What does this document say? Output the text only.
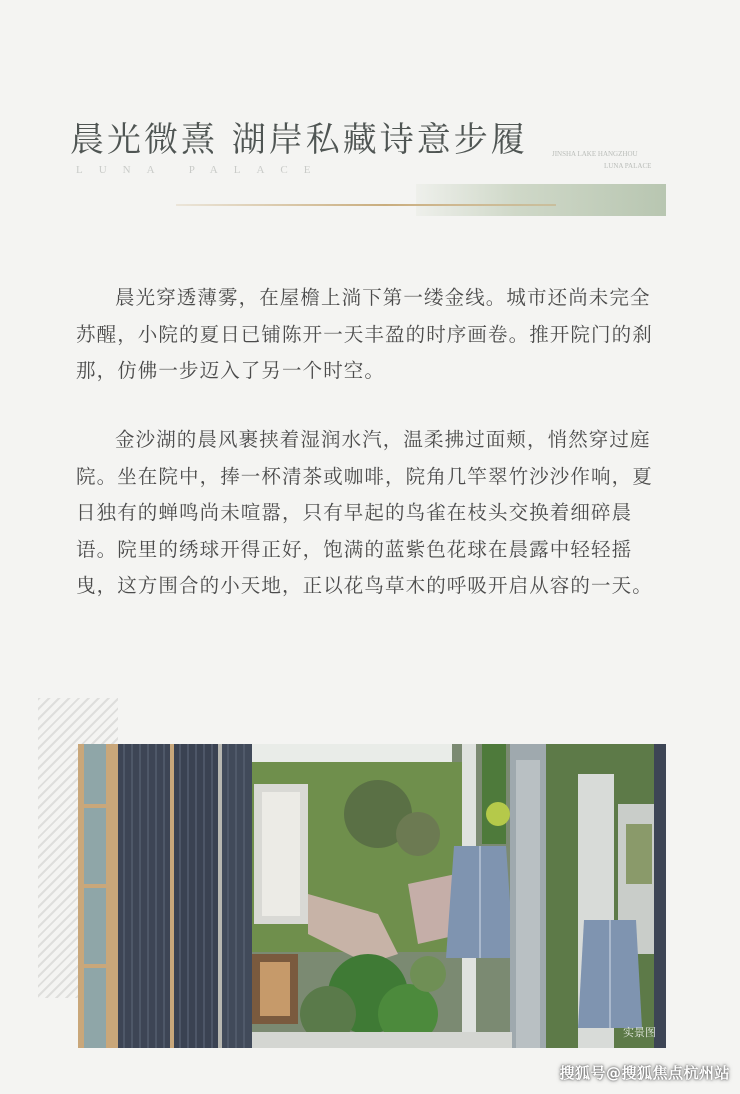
晨光微熹 湖岸私藏诗意步履
LUNA PALACE
JINSHA LAKE HANGZHOU
LUNA PALACE

晨光穿透薄雾，在屋檐上淌下第一缕金线。城市还尚未完全苏醒，小院的夏日已铺陈开一天丰盈的时序画卷。推开院门的刹那，仿佛一步迈入了另一个时空。

金沙湖的晨风裹挟着湿润水汽，温柔拂过面颊，悄然穿过庭院。坐在院中，捧一杯清茶或咖啡，院角几竿翠竹沙沙作响，夏日独有的蝉鸣尚未喧嚣，只有早起的鸟雀在枝头交换着细碎晨语。院里的绣球开得正好，饱满的蓝紫色花球在晨露中轻轻摇曳，这方围合的小天地，正以花鸟草木的呼吸开启从容的一天。

实景图
搜狐号@搜狐焦点杭州站
